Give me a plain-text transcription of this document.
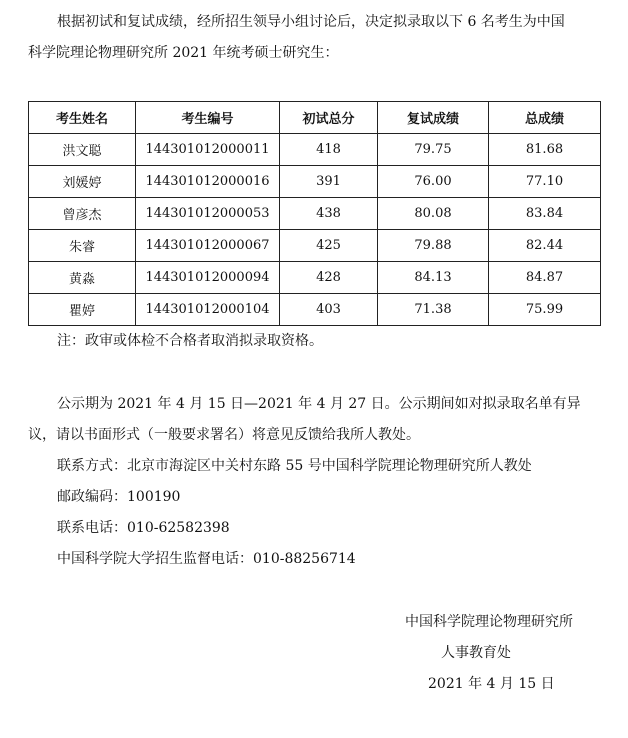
根据初试和复试成绩，经所招生领导小组讨论后，决定拟录取以下 6 名考生为中国
科学院理论物理研究所 2021 年统考硕士研究生：
考生姓名	考生编号	初试总分	复试成绩	总成绩
洪文聪	144301012000011	418	79.75	81.68
刘媛婷	144301012000016	391	76.00	77.10
曾彦杰	144301012000053	438	80.08	83.84
朱睿	144301012000067	425	79.88	82.44
黄淼	144301012000094	428	84.13	84.87
瞿婷	144301012000104	403	71.38	75.99
注：政审或体检不合格者取消拟录取资格。
公示期为 2021 年 4 月 15 日—2021 年 4 月 27 日。公示期间如对拟录取名单有异
议，请以书面形式（一般要求署名）将意见反馈给我所人教处。
联系方式：北京市海淀区中关村东路 55 号中国科学院理论物理研究所人教处
邮政编码：100190
联系电话：010-62582398
中国科学院大学招生监督电话：010-88256714
中国科学院理论物理研究所
人事教育处
2021 年 4 月 15 日
